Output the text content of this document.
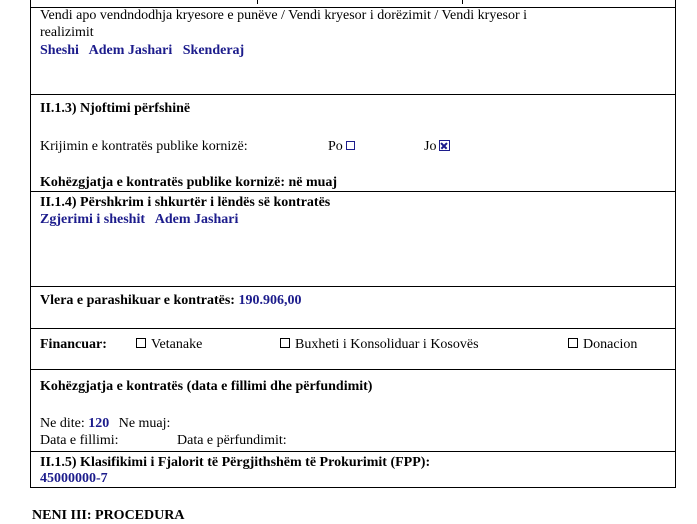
Vendi apo vendndodhja kryesore e punëve / Vendi kryesor i dorëzimit / Vendi kryesor i
realizimit
Sheshi   Adem Jashari   Skenderaj
II.1.3) Njoftimi përfshinë
Krijimin e kontratës publike kornizë:	Po	Jo
Kohëzgjatja e kontratës publike kornizë: në muaj
II.1.4) Përshkrim i shkurtër i lëndës së kontratës
Zgjerimi i sheshit   Adem Jashari
Vlera e parashikuar e kontratës: 190.906,00
Financuar:	Vetanake	Buxheti i Konsoliduar i Kosovës	Donacion
Kohëzgjatja e kontratës (data e fillimi dhe përfundimit)
Ne dite: 120 Ne muaj:
Data e fillimi:	Data e përfundimit:
II.1.5) Klasifikimi i Fjalorit të Përgjithshëm të Prokurimit (FPP):
45000000-7
NENI III: PROCEDURA
